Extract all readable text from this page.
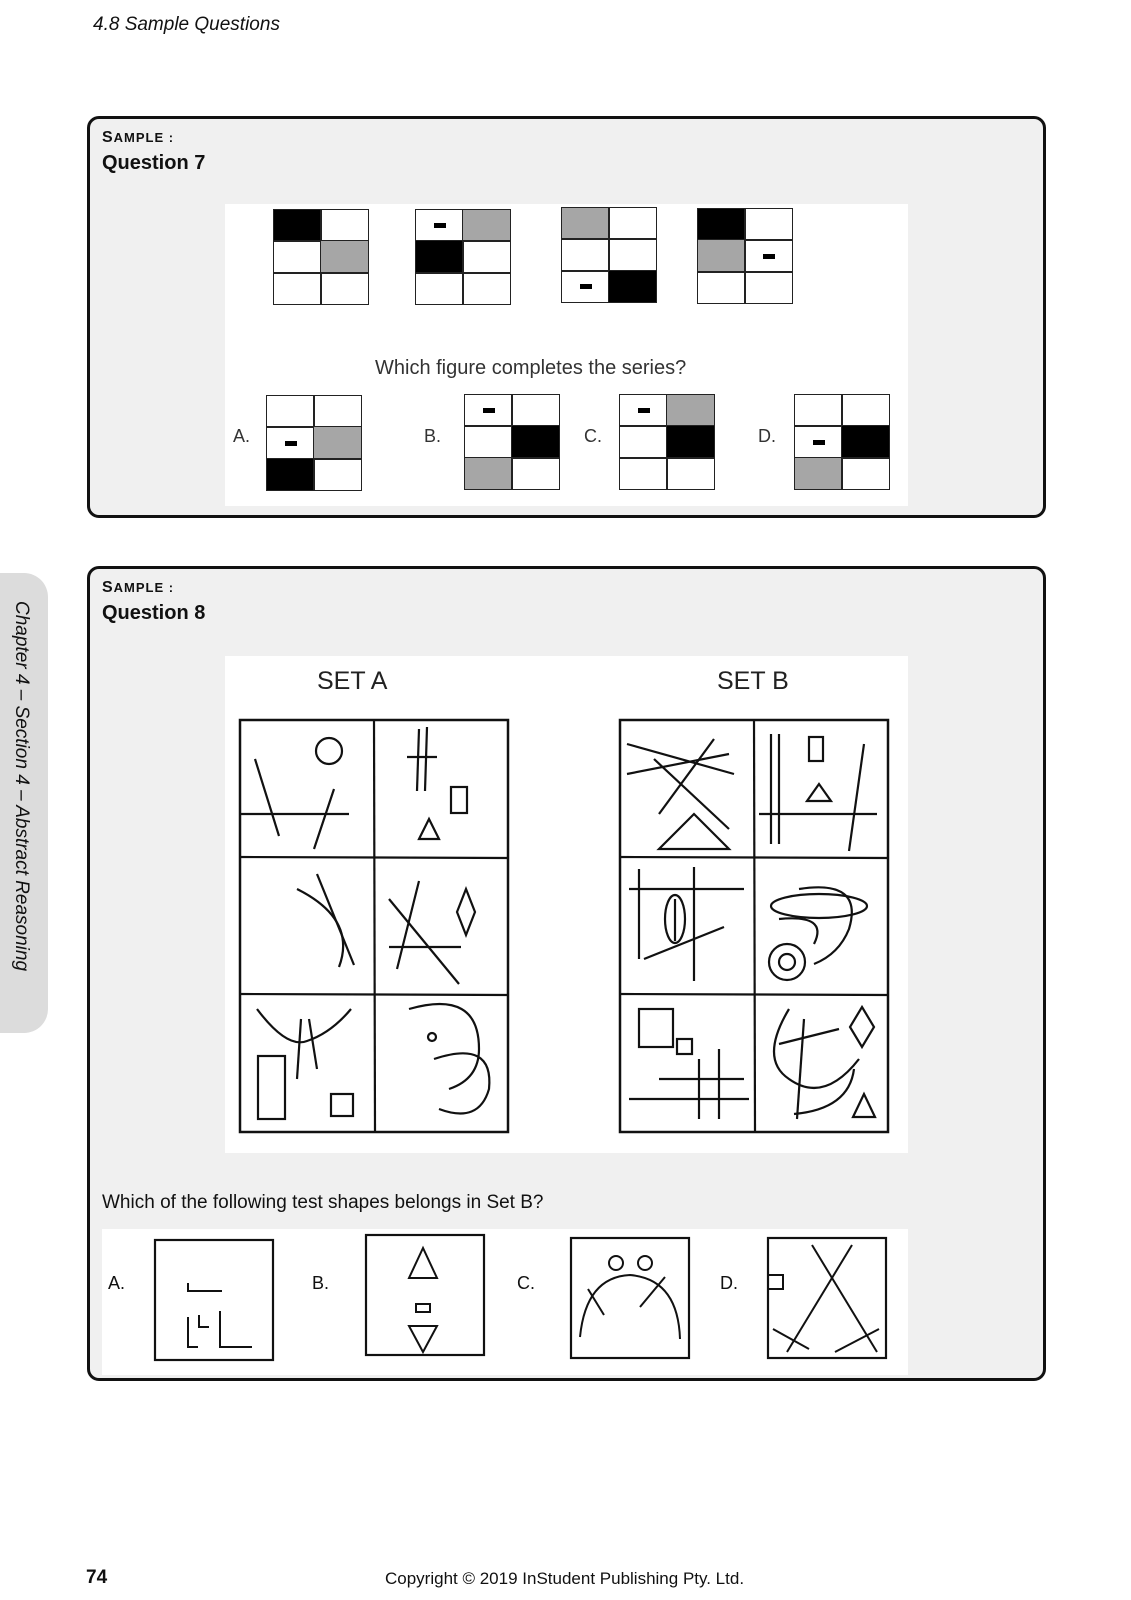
4.8 Sample Questions
Chapter 4 – Section 4 – Abstract Reasoning
SAMPLE :
Question 7
Which figure completes the series?
A.	B.	C.	D.
SAMPLE :
Question 8
SET A	SET B
Which of the following test shapes belongs in Set B?
A.	B.	C.	D.
74	Copyright © 2019 InStudent Publishing Pty. Ltd.
